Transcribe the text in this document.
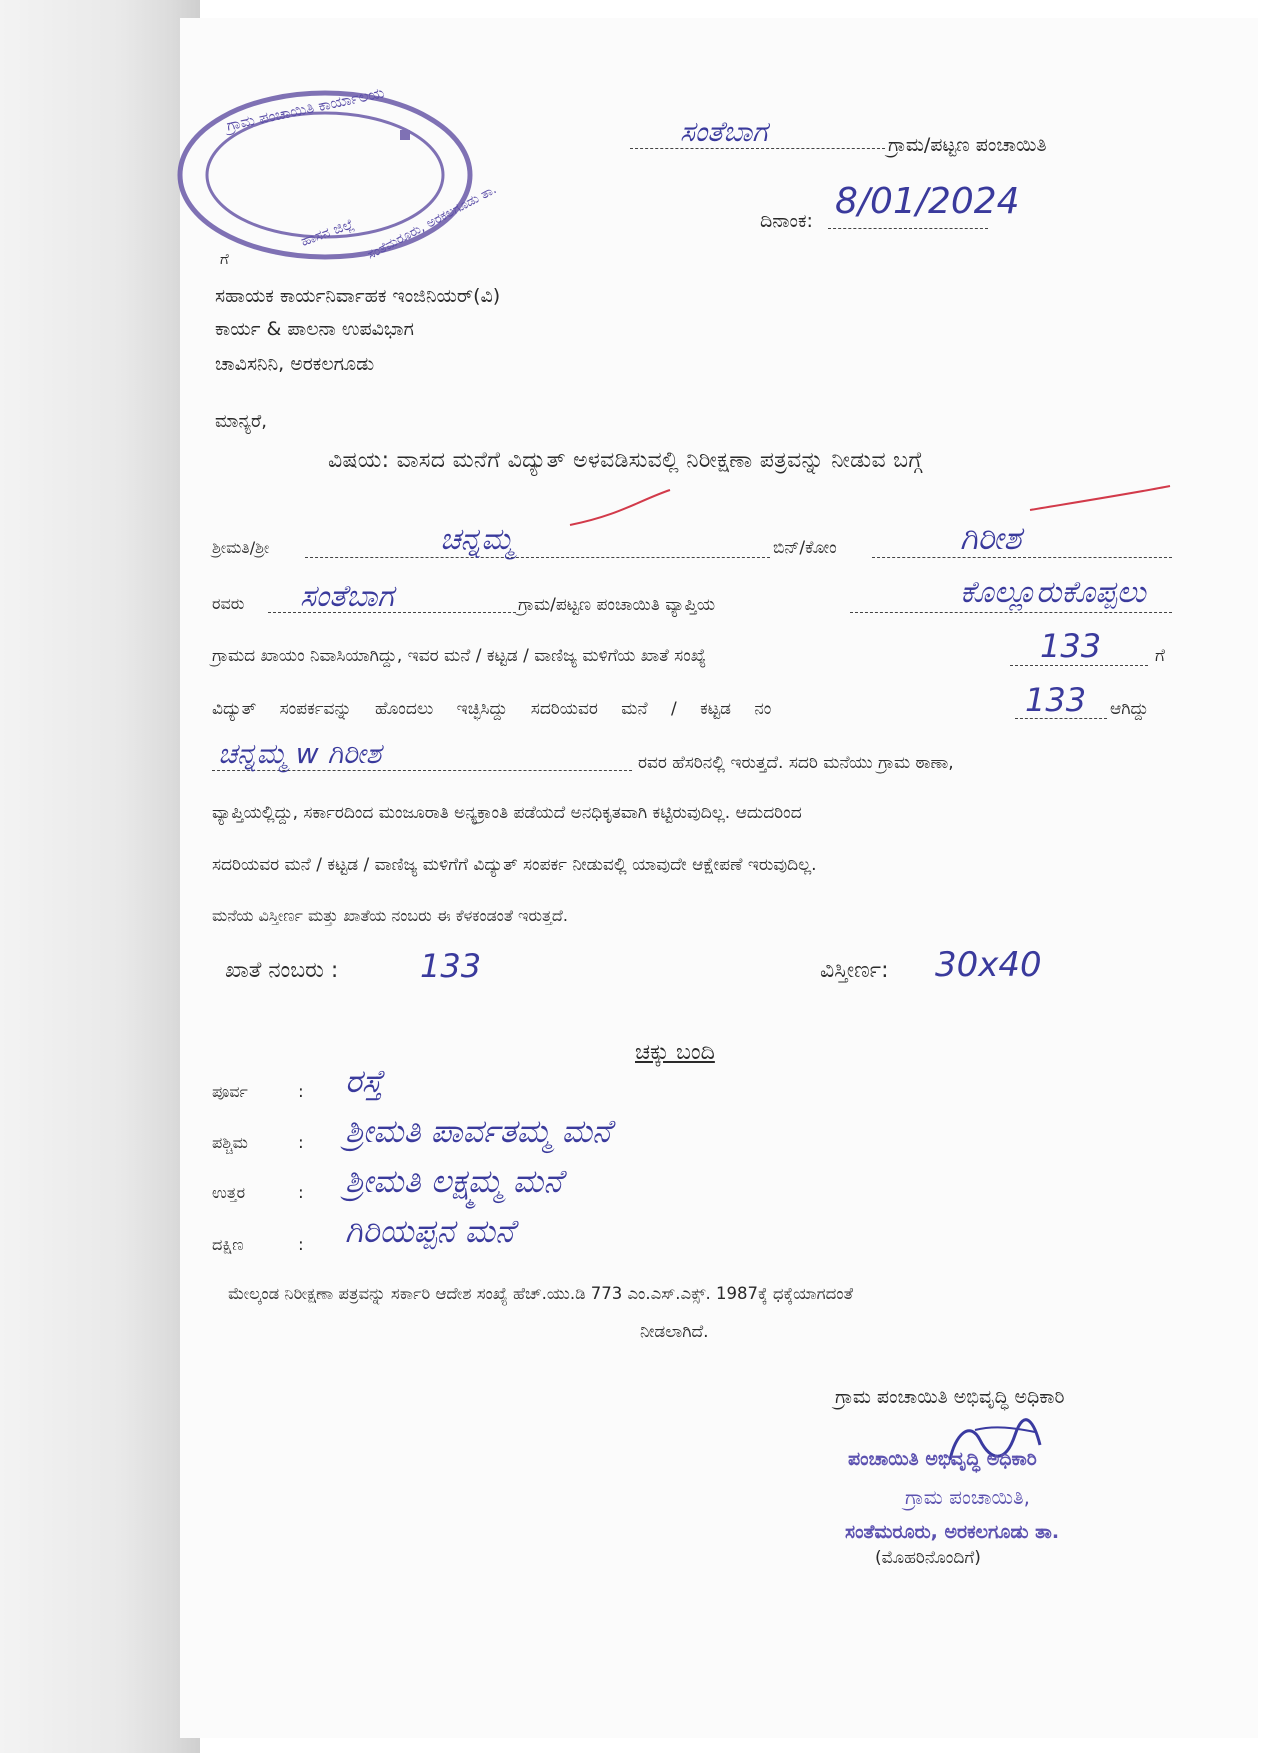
ಗ್ರಾಮ ಪಂಚಾಯಿತಿ ಕಾರ್ಯಾಲಯ
ಹಾಸನ ಜಿಲ್ಲೆ ಸಂತೆಮರೂರು, ಅರಕಲಗೂಡು ತಾ.
ಸಂತೆಬಾಗ	ಗ್ರಾಮ/ಪಟ್ಟಣ ಪಂಚಾಯಿತಿ
ದಿನಾಂಕ: 8/01/2024
ಗೆ
ಸಹಾಯಕ ಕಾರ್ಯನಿರ್ವಾಹಕ ಇಂಜಿನಿಯರ್(ವಿ)
ಕಾರ್ಯ & ಪಾಲನಾ ಉಪವಿಭಾಗ
ಚಾವಿಸನಿನಿ, ಅರಕಲಗೂಡು
ಮಾನ್ಯರೆ,
ವಿಷಯ: ವಾಸದ ಮನೆಗೆ ವಿದ್ಯುತ್ ಅಳವಡಿಸುವಲ್ಲಿ ನಿರೀಕ್ಷಣಾ ಪತ್ರವನ್ನು ನೀಡುವ ಬಗ್ಗೆ
ಶ್ರೀಮತಿ/ಶ್ರೀ	ಚನ್ನಮ್ಮ	ಬಿನ್/ಕೋಂ	ಗಿರೀಶ
ರವರು ಸಂತೆಬಾಗ	ಗ್ರಾಮ/ಪಟ್ಟಣ ಪಂಚಾಯಿತಿ ವ್ಯಾಪ್ತಿಯ	ಕೊಲ್ಲೂರುಕೊಪ್ಪಲು
ಗ್ರಾಮದ ಖಾಯಂ ನಿವಾಸಿಯಾಗಿದ್ದು, ಇವರ ಮನೆ / ಕಟ್ಟಡ / ವಾಣಿಜ್ಯ ಮಳಿಗೆಯ ಖಾತೆ ಸಂಖ್ಯೆ	133	ಗೆ
ವಿದ್ಯುತ್ ಸಂಪರ್ಕವನ್ನು ಹೊಂದಲು ಇಚ್ಛಿಸಿದ್ದು ಸದರಿಯವರ ಮನೆ / ಕಟ್ಟಡ ನಂ	133 ಆಗಿದ್ದು
ಚನ್ನಮ್ಮ w ಗಿರೀಶ	ರವರ ಹೆಸರಿನಲ್ಲಿ ಇರುತ್ತದೆ. ಸದರಿ ಮನೆಯು ಗ್ರಾಮ ಠಾಣಾ,
ವ್ಯಾಪ್ತಿಯಲ್ಲಿದ್ದು, ಸರ್ಕಾರದಿಂದ ಮಂಜೂರಾತಿ ಅನ್ಯಕ್ರಾಂತಿ ಪಡೆಯದೆ ಅನಧಿಕೃತವಾಗಿ ಕಟ್ಟಿರುವುದಿಲ್ಲ. ಆದುದರಿಂದ
ಸದರಿಯವರ ಮನೆ / ಕಟ್ಟಡ / ವಾಣಿಜ್ಯ ಮಳಿಗೆಗೆ ವಿದ್ಯುತ್ ಸಂಪರ್ಕ ನೀಡುವಲ್ಲಿ ಯಾವುದೇ ಆಕ್ಷೇಪಣೆ ಇರುವುದಿಲ್ಲ.
ಮನೆಯ ವಿಸ್ತೀರ್ಣ ಮತ್ತು ಖಾತೆಯ ನಂಬರು ಈ ಕೆಳಕಂಡಂತೆ ಇರುತ್ತದೆ.
ಖಾತೆ ನಂಬರು :	133	ವಿಸ್ತೀರ್ಣ: 30x40
ಚಕ್ಕು ಬಂದಿ
ಪೂರ್ವ	: ರಸ್ತೆ
ಪಶ್ಚಿಮ	: ಶ್ರೀಮತಿ ಪಾರ್ವತಮ್ಮ ಮನೆ
ಉತ್ತರ	: ಶ್ರೀಮತಿ ಲಕ್ಷ್ಮಮ್ಮ ಮನೆ
ದಕ್ಷಿಣ	: ಗಿರಿಯಪ್ಪನ ಮನೆ
ಮೇಲ್ಕಂಡ ನಿರೀಕ್ಷಣಾ ಪತ್ರವನ್ನು ಸರ್ಕಾರಿ ಆದೇಶ ಸಂಖ್ಯೆ ಹೆಚ್.ಯು.ಡಿ 773 ಎಂ.ಎಸ್.ಎಕ್ಸ್. 1987ಕ್ಕೆ ಧಕ್ಕೆಯಾಗದಂತೆ
ನೀಡಲಾಗಿದೆ.
ಗ್ರಾಮ ಪಂಚಾಯಿತಿ ಅಭಿವೃದ್ಧಿ ಅಧಿಕಾರಿ
ಪಂಚಾಯಿತಿ ಅಭಿವೃದ್ಧಿ ಅಧಿಕಾರಿ
ಗ್ರಾಮ ಪಂಚಾಯಿತಿ,
ಸಂತೆಮರೂರು, ಅರಕಲಗೂಡು ತಾ.
(ಮೊಹರಿನೊಂದಿಗೆ)
